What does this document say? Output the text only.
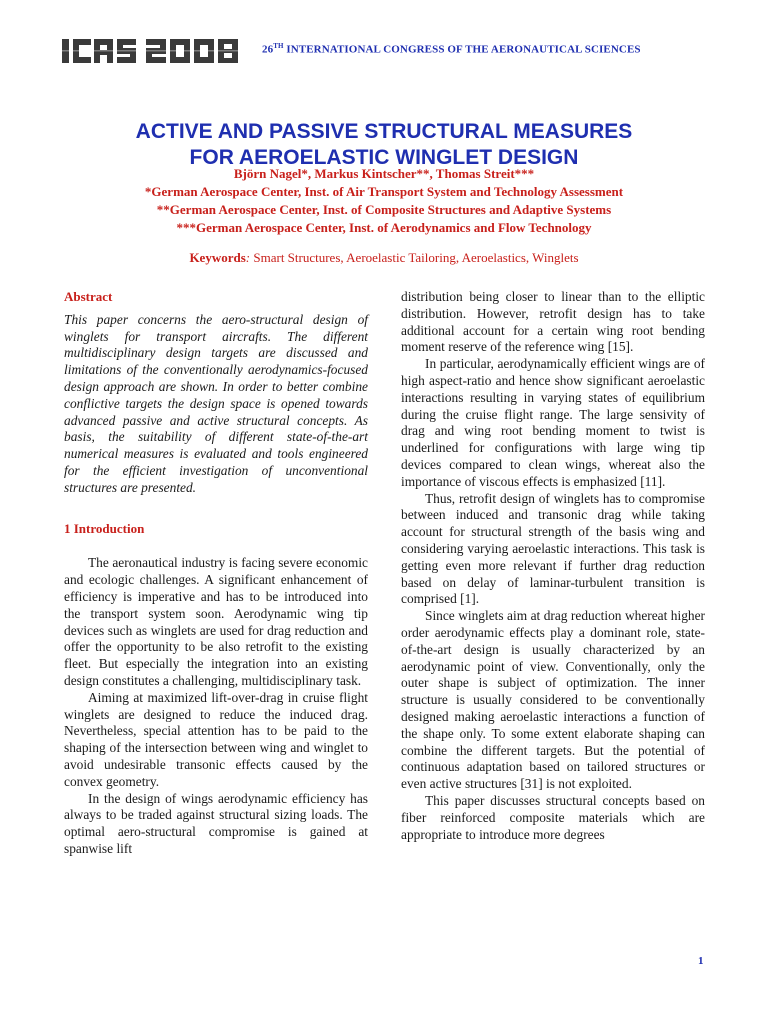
26TH INTERNATIONAL CONGRESS OF THE AERONAUTICAL SCIENCES
ACTIVE AND PASSIVE STRUCTURAL MEASURES
FOR AEROELASTIC WINGLET DESIGN
Björn Nagel*, Markus Kintscher**, Thomas Streit***
*German Aerospace Center, Inst. of Air Transport System and Technology Assessment
**German Aerospace Center, Inst. of Composite Structures and Adaptive Systems
***German Aerospace Center, Inst. of Aerodynamics and Flow Technology
Keywords: Smart Structures, Aeroelastic Tailoring, Aeroelastics, Winglets

Abstract

This paper concerns the aero-structural design of winglets for transport aircrafts. The different multidisciplinary design targets are discussed and limitations of the conventionally aerodynamics-focused design approach are shown. In order to better combine conflictive targets the design space is opened towards advanced passive and active structural concepts. As basis, the suitability of different state-of-the-art numerical measures is evaluated and tools engineered for the efficient investigation of unconventional structures are presented.

1 Introduction

The aeronautical industry is facing severe economic and ecologic challenges. A significant enhancement of efficiency is imperative and has to be introduced into the transport system soon. Aerodynamic wing tip devices such as winglets are used for drag reduction and offer the opportunity to be also retrofit to the existing fleet. But especially the integration into an existing design constitutes a challenging, multidisciplinary task.

Aiming at maximized lift-over-drag in cruise flight winglets are designed to reduce the induced drag. Nevertheless, special attention has to be paid to the shaping of the intersection between wing and winglet to avoid undesirable transonic effects caused by the convex geometry.

In the design of wings aerodynamic efficiency has always to be traded against structural sizing loads. The optimal aero-structural compromise is gained at spanwise lift

distribution being closer to linear than to the elliptic distribution. However, retrofit design has to take additional account for a certain wing root bending moment reserve of the reference wing [15].

In particular, aerodynamically efficient wings are of high aspect-ratio and hence show significant aeroelastic interactions resulting in varying states of equilibrium during the cruise flight range. The large sensivity of drag and wing root bending moment to twist is underlined for configurations with large wing tip devices compared to clean wings, whereat also the importance of viscous effects is emphasized [11].

Thus, retrofit design of winglets has to compromise between induced and transonic drag while taking account for structural strength of the basis wing and considering varying aeroelastic interactions. This task is getting even more relevant if further drag reduction based on delay of laminar-turbulent transition is comprised [1].

Since winglets aim at drag reduction whereat higher order aerodynamic effects play a dominant role, state-of-the-art design is usually characterized by an aerodynamic point of view. Conventionally, only the outer shape is subject of optimization. The inner structure is usually considered to be conventionally designed making aeroelastic interactions a function of the shape only. To some extent elaborate shaping can combine the different targets. But the potential of continuous adaptation based on tailored structures or even active structures [31] is not exploited.

This paper discusses structural concepts based on fiber reinforced composite materials which are appropriate to introduce more degrees

1
